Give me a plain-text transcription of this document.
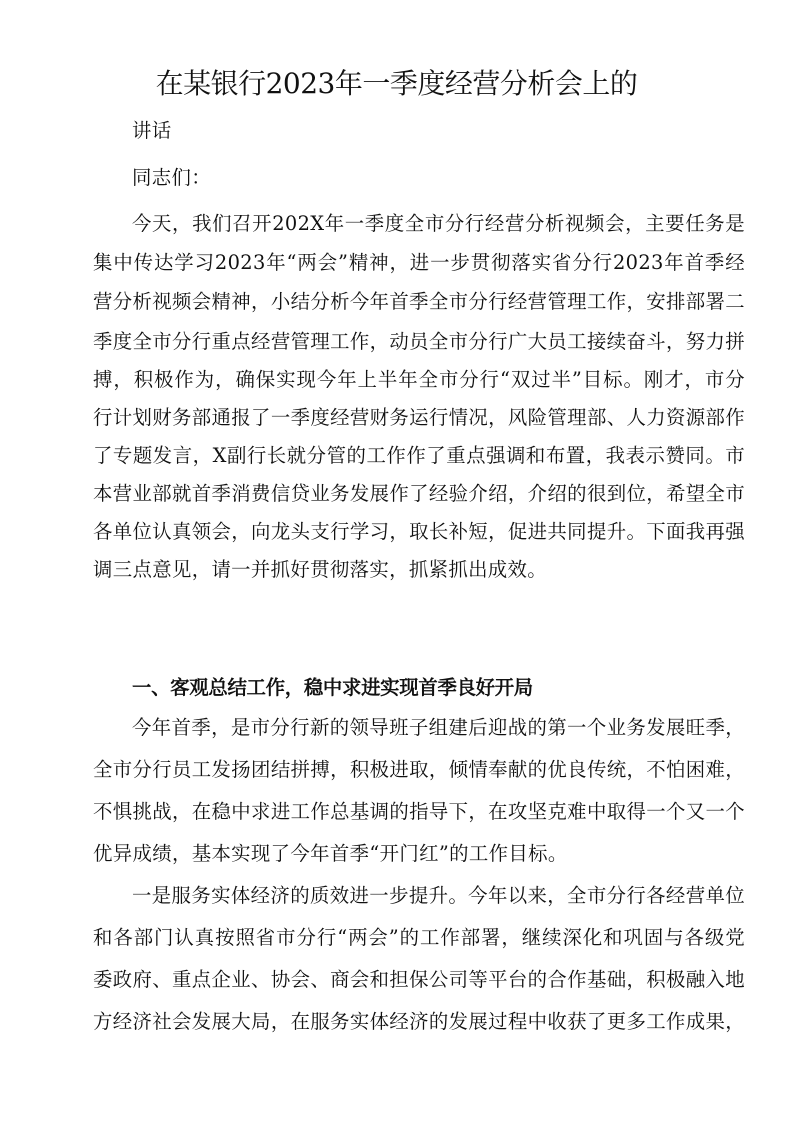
在某银行2023年一季度经营分析会上的
讲话
同志们：
今天，我们召开202X年一季度全市分行经营分析视频会，主要任务是
集中传达学习2023年“两会”精神，进一步贯彻落实省分行2023年首季经
营分析视频会精神，小结分析今年首季全市分行经营管理工作，安排部署二
季度全市分行重点经营管理工作，动员全市分行广大员工接续奋斗，努力拼
搏，积极作为，确保实现今年上半年全市分行“双过半”目标。刚才，市分
行计划财务部通报了一季度经营财务运行情况，风险管理部、人力资源部作
了专题发言，X副行长就分管的工作作了重点强调和布置，我表示赞同。市
本营业部就首季消费信贷业务发展作了经验介绍，介绍的很到位，希望全市
各单位认真领会，向龙头支行学习，取长补短，促进共同提升。下面我再强
调三点意见，请一并抓好贯彻落实，抓紧抓出成效。
一、客观总结工作，稳中求进实现首季良好开局
今年首季，是市分行新的领导班子组建后迎战的第一个业务发展旺季，
全市分行员工发扬团结拼搏，积极进取，倾情奉献的优良传统，不怕困难，
不惧挑战，在稳中求进工作总基调的指导下，在攻坚克难中取得一个又一个
优异成绩，基本实现了今年首季“开门红”的工作目标。
一是服务实体经济的质效进一步提升。今年以来，全市分行各经营单位
和各部门认真按照省市分行“两会”的工作部署，继续深化和巩固与各级党
委政府、重点企业、协会、商会和担保公司等平台的合作基础，积极融入地
方经济社会发展大局，在服务实体经济的发展过程中收获了更多工作成果，
